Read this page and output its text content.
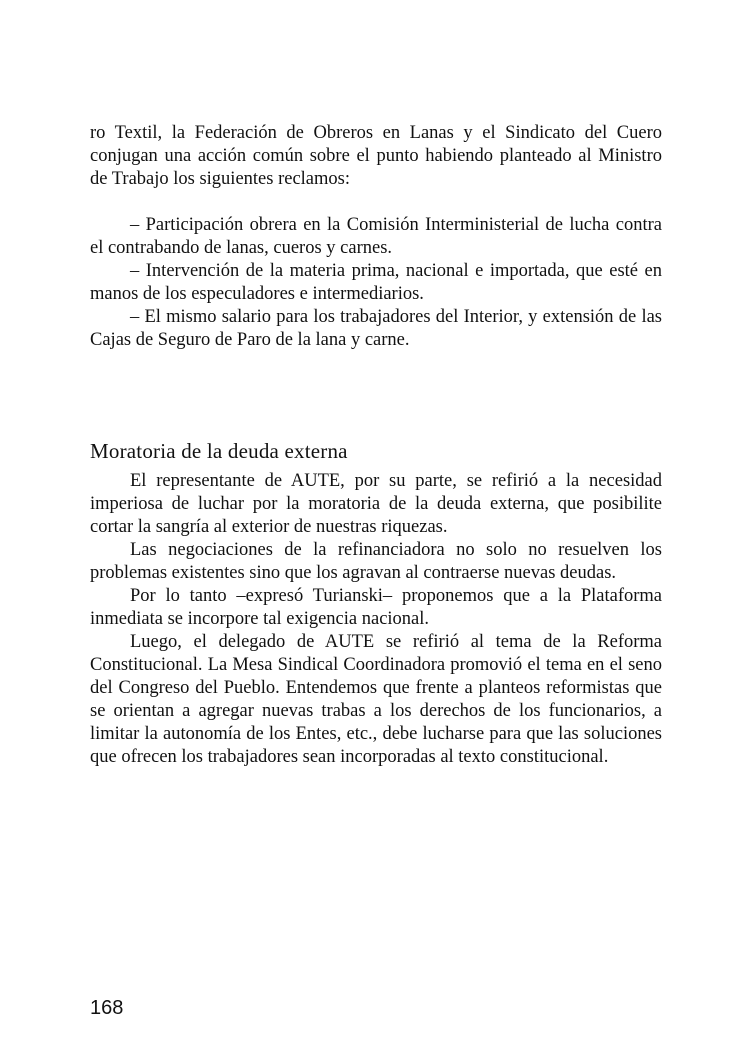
ro Textil, la Federación de Obreros en Lanas y el Sindicato del Cuero conjugan una acción común sobre el punto habiendo planteado al Ministro de Trabajo los siguientes reclamos:

– Participación obrera en la Comisión Interministerial de lucha contra el contrabando de lanas, cueros y carnes.

– Intervención de la materia prima, nacional e importada, que esté en manos de los especuladores e intermediarios.

– El mismo salario para los trabajadores del Interior, y extensión de las Cajas de Seguro de Paro de la lana y carne.

Moratoria de la deuda externa

El representante de AUTE, por su parte, se refirió a la necesidad imperiosa de luchar por la moratoria de la deuda externa, que posibilite cortar la sangría al exterior de nuestras riquezas.

Las negociaciones de la refinanciadora no solo no resuelven los problemas existentes sino que los agravan al contraerse nuevas deudas.

Por lo tanto –expresó Turianski– proponemos que a la Plataforma inmediata se incorpore tal exigencia nacional.

Luego, el delegado de AUTE se refirió al tema de la Reforma Constitucional. La Mesa Sindical Coordinadora promovió el tema en el seno del Congreso del Pueblo. Entendemos que frente a planteos reformistas que se orientan a agregar nuevas trabas a los derechos de los funcionarios, a limitar la autonomía de los Entes, etc., debe lucharse para que las soluciones que ofrecen los trabajadores sean incorporadas al texto constitucional.

168
